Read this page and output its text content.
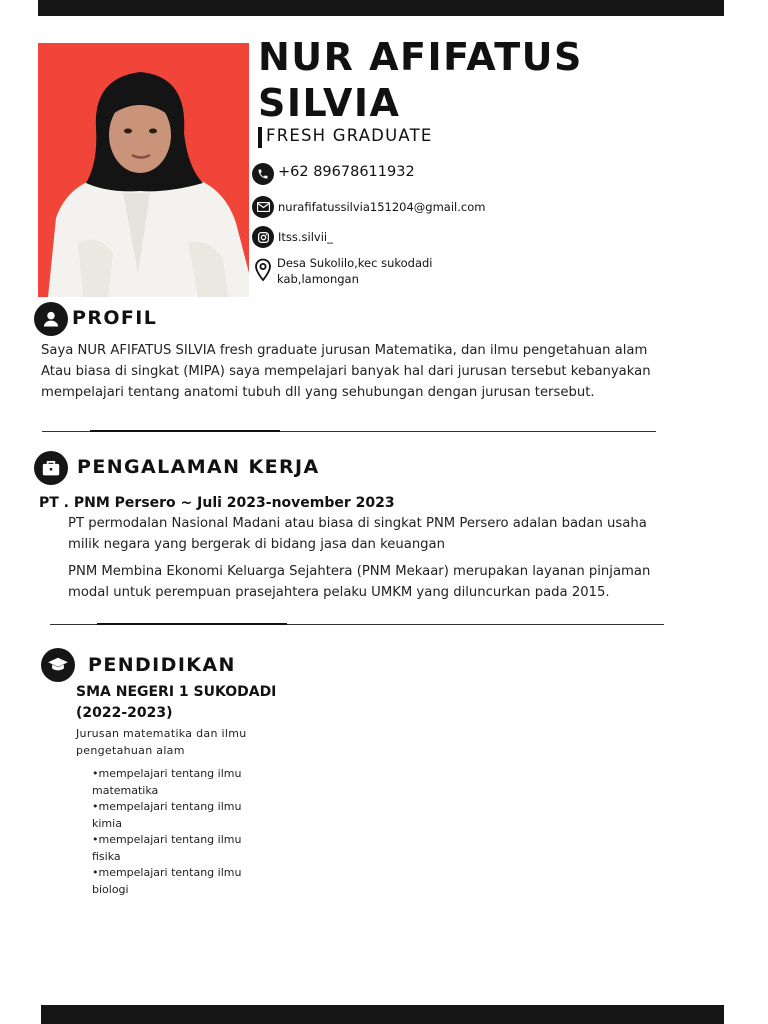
NUR AFIFATUS
SILVIA
FRESH GRADUATE
+62 89678611932
nurafifatussilvia151204@gmail.com
Itss.silvii_
Desa Sukolilo,kec sukodadi
kab,lamongan
PROFIL
Saya NUR AFIFATUS SILVIA fresh graduate jurusan Matematika, dan ilmu pengetahuan alam
Atau biasa di singkat (MIPA) saya mempelajari banyak hal dari jurusan tersebut kebanyakan
mempelajari tentang anatomi tubuh dll yang sehubungan dengan jurusan tersebut.
PENGALAMAN KERJA
PT . PNM Persero ~ Juli 2023-november 2023
PT permodalan Nasional Madani atau biasa di singkat PNM Persero adalan badan usaha
milik negara yang bergerak di bidang jasa dan keuangan
PNM Membina Ekonomi Keluarga Sejahtera (PNM Mekaar) merupakan layanan pinjaman
modal untuk perempuan prasejahtera pelaku UMKM yang diluncurkan pada 2015.
PENDIDIKAN
SMA NEGERI 1 SUKODADI
(2022-2023)
Jurusan matematika dan ilmu
pengetahuan alam
•mempelajari tentang ilmu
matematika
•mempelajari tentang ilmu
kimia
•mempelajari tentang ilmu
fisika
•mempelajari tentang ilmu
biologi
